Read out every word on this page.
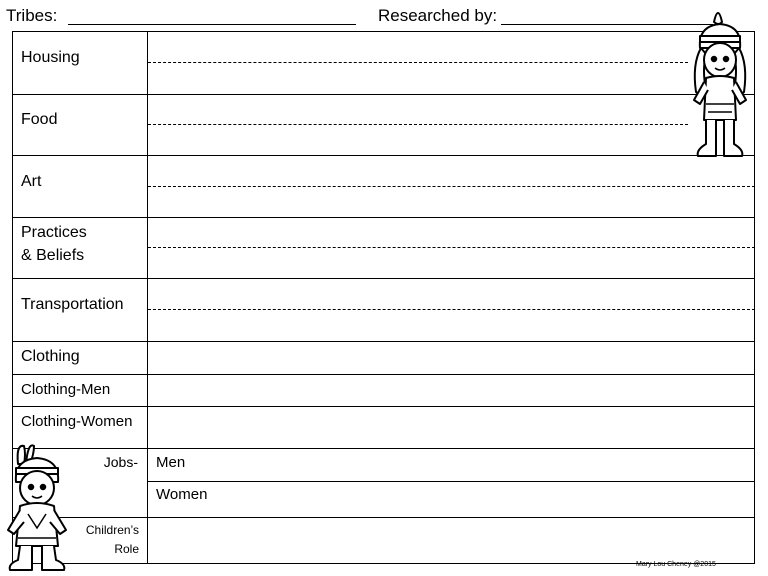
Tribes:	Researched by:
Housing
Food
Art
Practices
& Beliefs
Transportation
Clothing
Clothing-Men
Clothing-Women
Jobs- Men
Women
Children’s
Role
Mary Lou Cheney @2015
